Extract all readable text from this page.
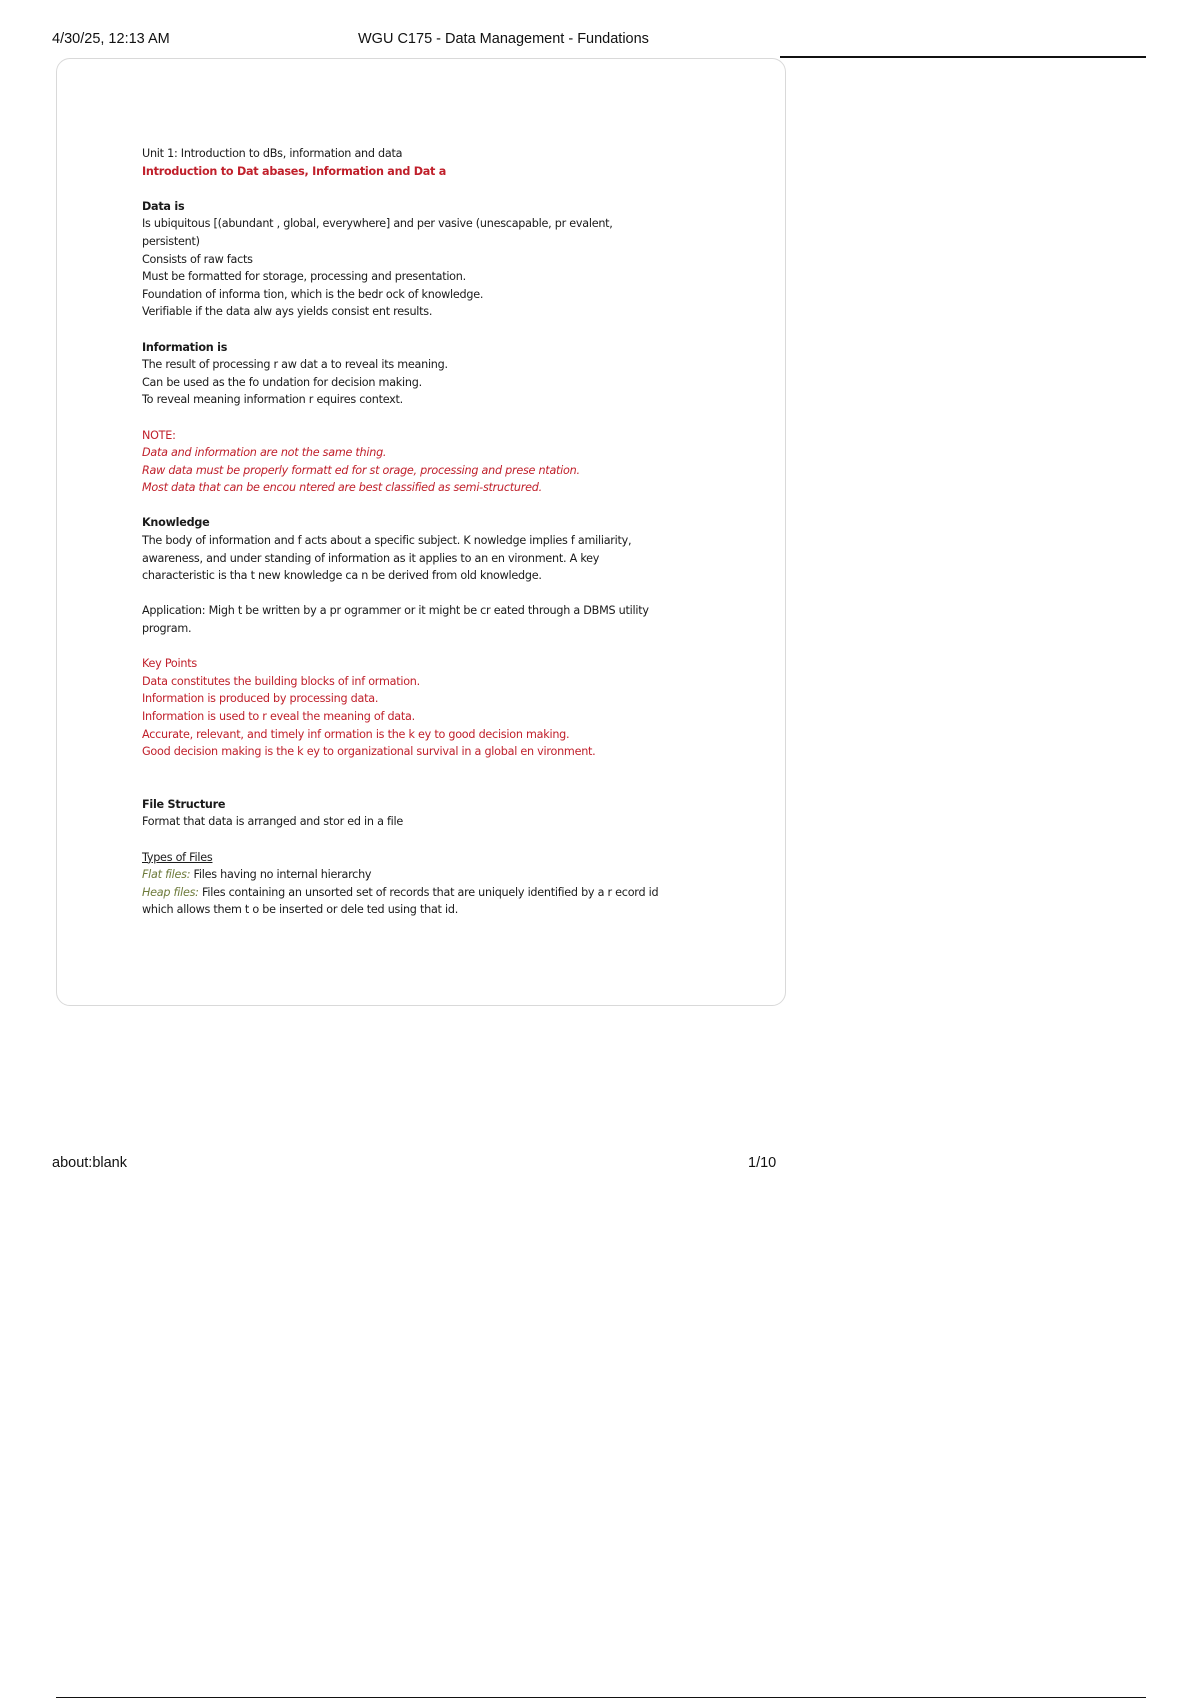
4/30/25, 12:13 AM	WGU C175 - Data Management - Fundations

Unit 1: Introduction to dBs, information and data

Introduction to Dat abases, Information and Dat a

Data is

Is ubiquitous [(abundant , global, everywhere] and per vasive (unescapable, pr evalent,

persistent)

Consists of raw facts

Must be formatted for storage, processing and presentation.

Foundation of informa tion, which is the bedr ock of knowledge.

Verifiable if the data alw ays yields consist ent results.

Information is

The result of processing r aw dat a to reveal its meaning.

Can be used as the fo undation for decision making.

To reveal meaning information r equires context.

NOTE:

Data and information are not the same thing.

Raw data must be properly formatt ed for st orage, processing and prese ntation.

Most data that can be encou ntered are best classified as semi-structured.

Knowledge

The body of information and f acts about a specific subject. K nowledge implies f amiliarity,

awareness, and under standing of information as it applies to an en vironment. A key

characteristic is tha t new knowledge ca n be derived from old knowledge.

Application: Migh t be written by a pr ogrammer or it might be cr eated through a DBMS utility

program.

Key Points

Data constitutes the building blocks of inf ormation.

Information is produced by processing data.

Information is used to r eveal the meaning of data.

Accurate, relevant, and timely inf ormation is the k ey to good decision making.

Good decision making is the k ey to organizational survival in a global en vironment.

File Structure

Format that data is arranged and stor ed in a file

Types of Files

Flat files: Files having no internal hierarchy

Heap files: Files containing an unsorted set of records that are uniquely identified by a r ecord id

which allows them t o be inserted or dele ted using that id.

about:blank	1/10
